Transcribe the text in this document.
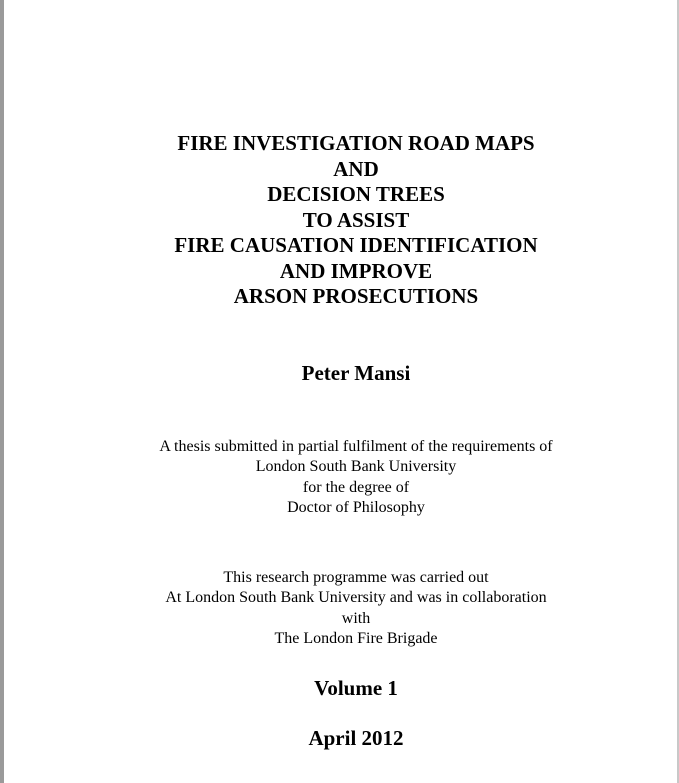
FIRE INVESTIGATION ROAD MAPS
AND
DECISION TREES
TO ASSIST
FIRE CAUSATION IDENTIFICATION
AND IMPROVE
ARSON PROSECUTIONS
Peter Mansi
A thesis submitted in partial fulfilment of the requirements of
London South Bank University
for the degree of
Doctor of Philosophy
This research programme was carried out
At London South Bank University and was in collaboration
with
The London Fire Brigade
Volume 1
April 2012
